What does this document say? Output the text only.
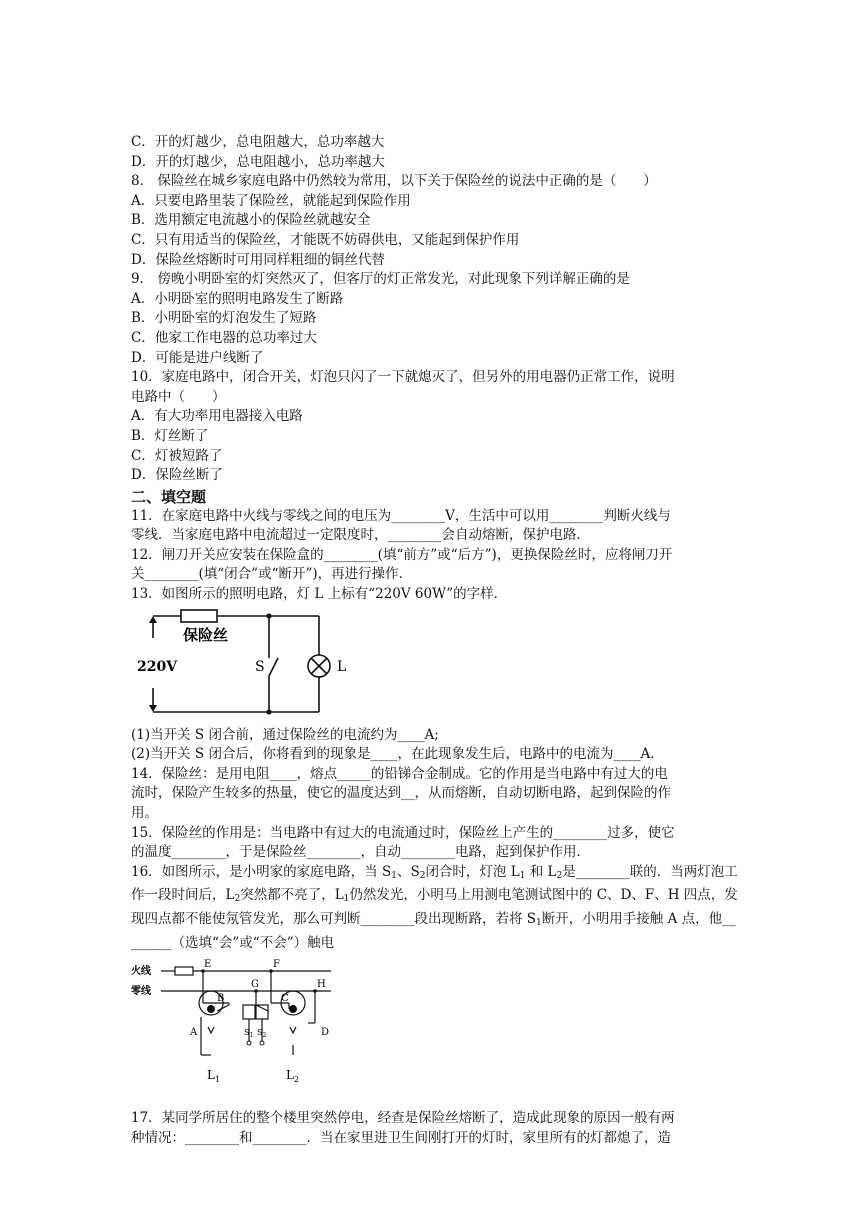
C．开的灯越少，总电阻越大，总功率越大

D．开的灯越少，总电阻越小，总功率越大

8． 保险丝在城乡家庭电路中仍然较为常用，以下关于保险丝的说法中正确的是（　　）

A．只要电路里装了保险丝，就能起到保险作用

B．选用额定电流越小的保险丝就越安全

C．只有用适当的保险丝，才能既不妨碍供电，又能起到保护作用

D．保险丝熔断时可用同样粗细的铜丝代替

9． 傍晚小明卧室的灯突然灭了，但客厅的灯正常发光，对此现象下列详解正确的是

A．小明卧室的照明电路发生了断路

B．小明卧室的灯泡发生了短路

C．他家工作电器的总功率过大

D．可能是进户线断了

10．家庭电路中，闭合开关，灯泡只闪了一下就熄灭了，但另外的用电器仍正常工作，说明

电路中（　　）

A．有大功率用电器接入电路

B．灯丝断了

C．灯被短路了

D．保险丝断了

二、填空题

11．在家庭电路中火线与零线之间的电压为________V，生活中可以用________判断火线与

零线．当家庭电路中电流超过一定限度时，________会自动熔断，保护电路．

12．闸刀开关应安装在保险盒的________(填“前方”或“后方”)，更换保险丝时，应将闸刀开

关________(填“闭合”或“断开”)，再进行操作．

13．如图所示的照明电路，灯 L 上标有“220V 60W”的字样．

保险丝
220V	S	L

(1)当开关 S 闭合前，通过保险丝的电流约为____A;

(2)当开关 S 闭合后，你将看到的现象是____，在此现象发生后，电路中的电流为____A．

14．保险丝：是用电阻____，熔点_____的铅锑合金制成。它的作用是当电路中有过大的电

流时，保险产生较多的热量，使它的温度达到__，从而熔断，自动切断电路，起到保险的作

用。

15．保险丝的作用是：当电路中有过大的电流通过时，保险丝上产生的________过多，使它

的温度________，于是保险丝________，自动________电路，起到保护作用．

16．如图所示，是小明家的家庭电路，当 $S_1$、$S_2$闭合时，灯泡 $L_1$ 和 $L_2$是________联的．当两灯泡工作一段时间后，$L_2$突然都不亮了，$L_1$仍然发光，小明马上用测电笔测试图中的 C、D、F、H 四点，发现四点都不能使氖管发光，那么可判断________段出现断路，若将 $S_1$断开，小明用手接触 A 点，他________（选填“会”或“不会”）触电

火线
零线
E	F
G	H
B	C
A	D
$S_1$ $S_2$
$L_1$	$L_2$

17．某同学所居住的整个楼里突然停电，经查是保险丝熔断了，造成此现象的原因一般有两

种情况：________和________．当在家里进卫生间刚打开的灯时，家里所有的灯都熄了，造
